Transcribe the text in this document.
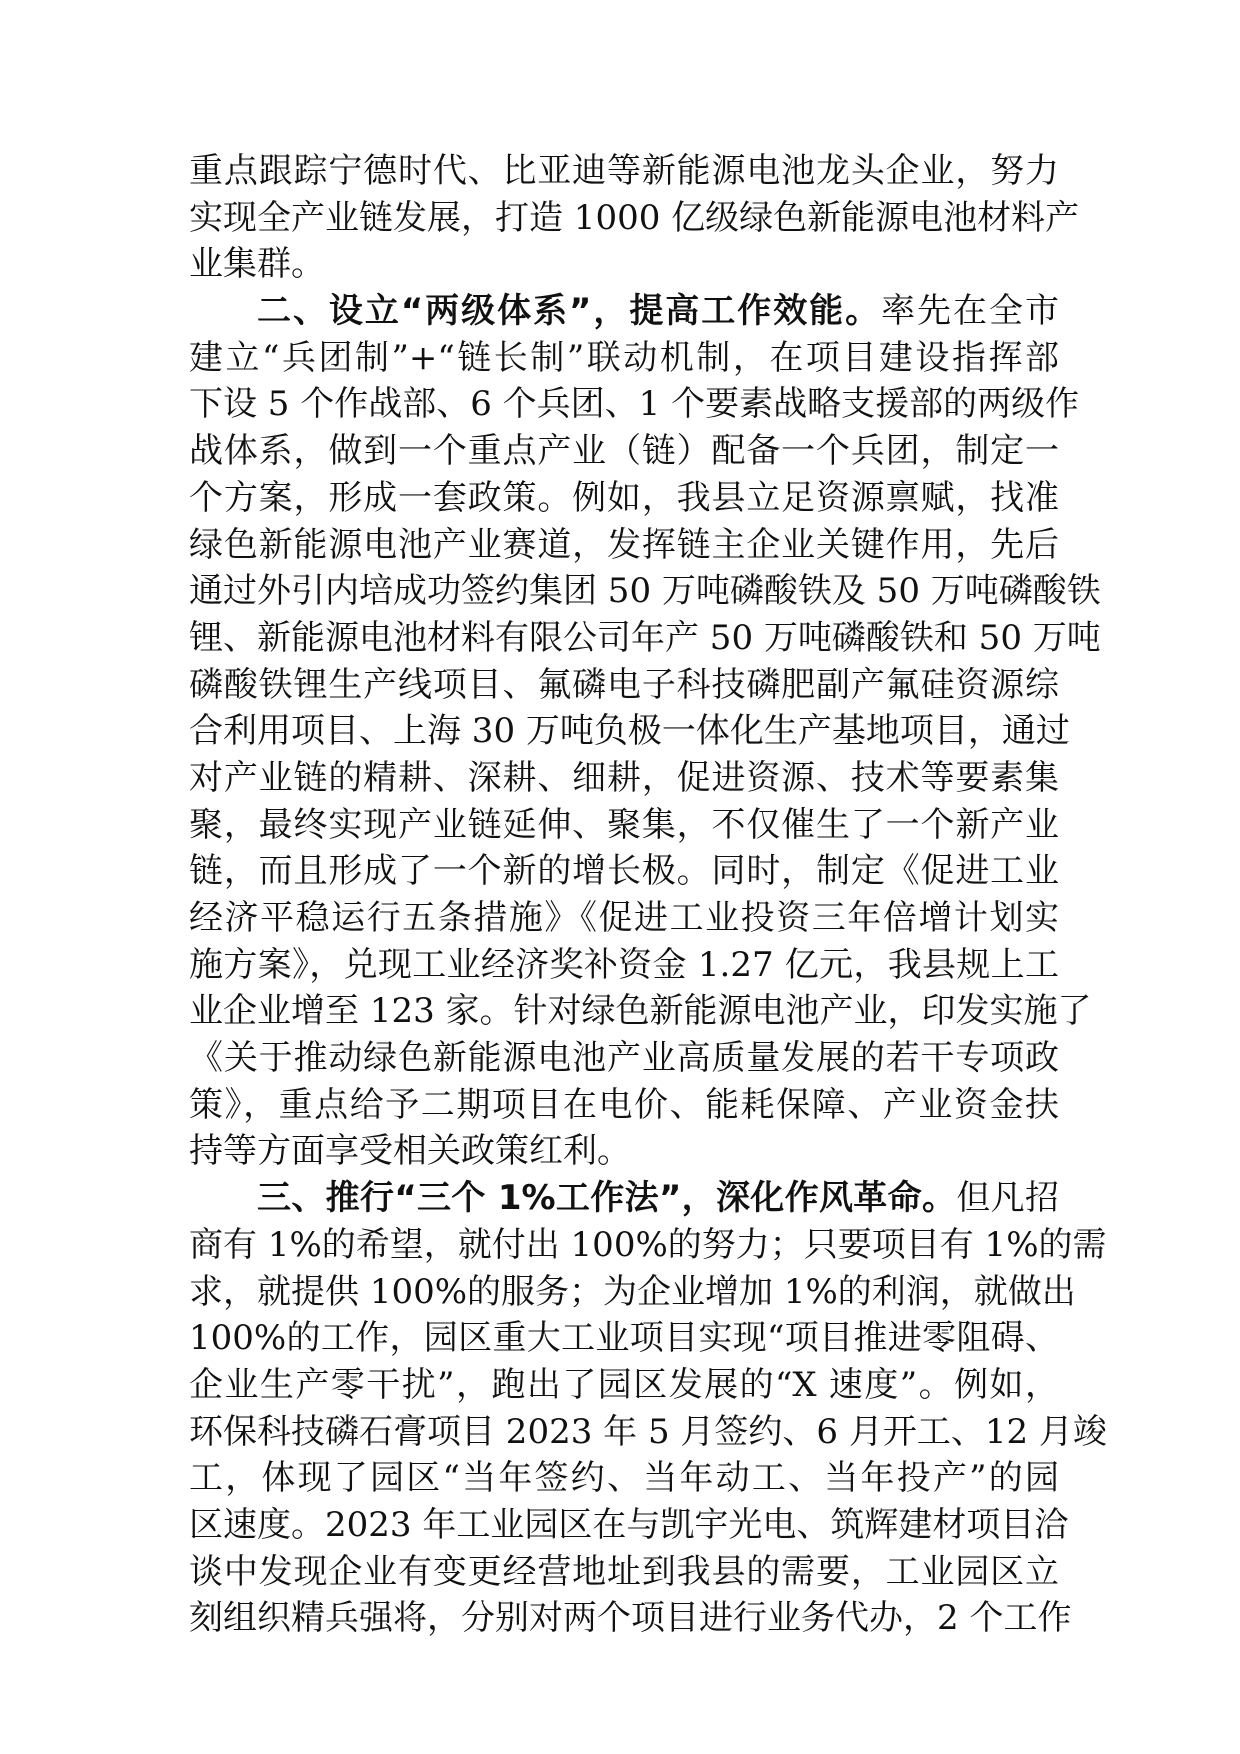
重点跟踪宁德时代、比亚迪等新能源电池龙头企业，努力
实现全产业链发展，打造 1000 亿级绿色新能源电池材料产
业集群。
二、设立“两级体系”，提高工作效能。率先在全市
建立“兵团制”+“链长制”联动机制，在项目建设指挥部
下设 5 个作战部、6 个兵团、1 个要素战略支援部的两级作
战体系，做到一个重点产业（链）配备一个兵团，制定一
个方案，形成一套政策。例如，我县立足资源禀赋，找准
绿色新能源电池产业赛道，发挥链主企业关键作用，先后
通过外引内培成功签约集团 50 万吨磷酸铁及 50 万吨磷酸铁
锂、新能源电池材料有限公司年产 50 万吨磷酸铁和 50 万吨
磷酸铁锂生产线项目、氟磷电子科技磷肥副产氟硅资源综
合利用项目、上海 30 万吨负极一体化生产基地项目，通过
对产业链的精耕、深耕、细耕，促进资源、技术等要素集
聚，最终实现产业链延伸、聚集，不仅催生了一个新产业
链，而且形成了一个新的增长极。同时，制定《促进工业
经济平稳运行五条措施》《促进工业投资三年倍增计划实
施方案》，兑现工业经济奖补资金 1.27 亿元，我县规上工
业企业增至 123 家。针对绿色新能源电池产业，印发实施了
《关于推动绿色新能源电池产业高质量发展的若干专项政
策》，重点给予二期项目在电价、能耗保障、产业资金扶
持等方面享受相关政策红利。
三、推行“三个 1%工作法”，深化作风革命。但凡招
商有 1%的希望，就付出 100%的努力；只要项目有 1%的需
求，就提供 100%的服务；为企业增加 1%的利润，就做出
100%的工作，园区重大工业项目实现“项目推进零阻碍、
企业生产零干扰”，跑出了园区发展的“X 速度”。例如，
环保科技磷石膏项目 2023 年 5 月签约、6 月开工、12 月竣
工，体现了园区“当年签约、当年动工、当年投产”的园
区速度。2023 年工业园区在与凯宇光电、筑辉建材项目洽
谈中发现企业有变更经营地址到我县的需要，工业园区立
刻组织精兵强将，分别对两个项目进行业务代办，2 个工作
